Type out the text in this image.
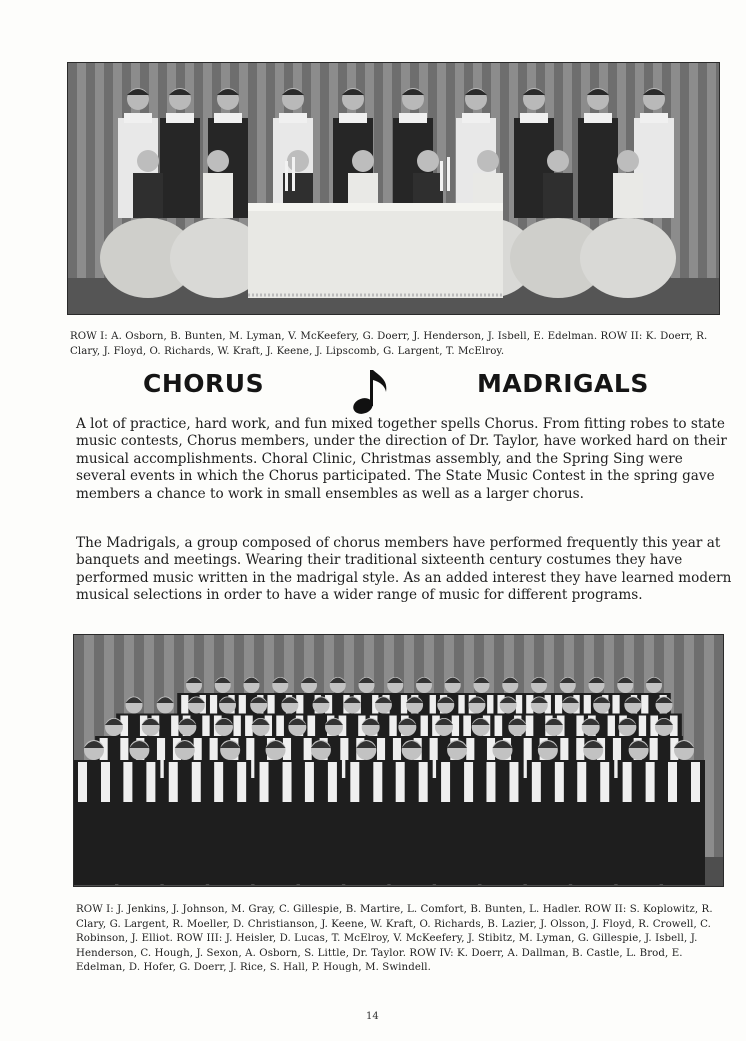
ROW I: A. Osborn, B. Bunten, M. Lyman, V. McKeefery, G. Doerr, J. Henderson, J. Isbell, E. Edelman. ROW II: K. Doerr, R. Clary, J. Floyd, O. Richards, W. Kraft, J. Keene, J. Lipscomb, G. Largent, T. McElroy.
CHORUS	MADRIGALS
A lot of practice, hard work, and fun mixed together spells Chorus. From fitting robes to state music contests, Chorus members, under the direction of Dr. Taylor, have worked hard on their musical accomplishments. Choral Clinic, Christmas assembly, and the Spring Sing were several events in which the Chorus participated. The State Music Contest in the spring gave members a chance to work in small ensembles as well as a larger chorus.
The Madrigals, a group composed of chorus members have performed frequently this year at banquets and meetings. Wearing their traditional sixteenth century costumes they have performed music written in the madrigal style. As an added interest they have learned modern musical selections in order to have a wider range of music for different programs.
ROW I: J. Jenkins, J. Johnson, M. Gray, C. Gillespie, B. Martire, L. Comfort, B. Bunten, L. Hadler. ROW II: S. Koplowitz, R. Clary, G. Largent, R. Moeller, D. Christianson, J. Keene, W. Kraft, O. Richards, B. Lazier, J. Olsson, J. Floyd, R. Crowell, C. Robinson, J. Elliot. ROW III: J. Heisler, D. Lucas, T. McElroy, V. McKeefery, J. Stibitz, M. Lyman, G. Gillespie, J. Isbell, J. Henderson, C. Hough, J. Sexon, A. Osborn, S. Little, Dr. Taylor. ROW IV: K. Doerr, A. Dallman, B. Castle, L. Brod, E. Edelman, D. Hofer, G. Doerr, J. Rice, S. Hall, P. Hough, M. Swindell.
14
